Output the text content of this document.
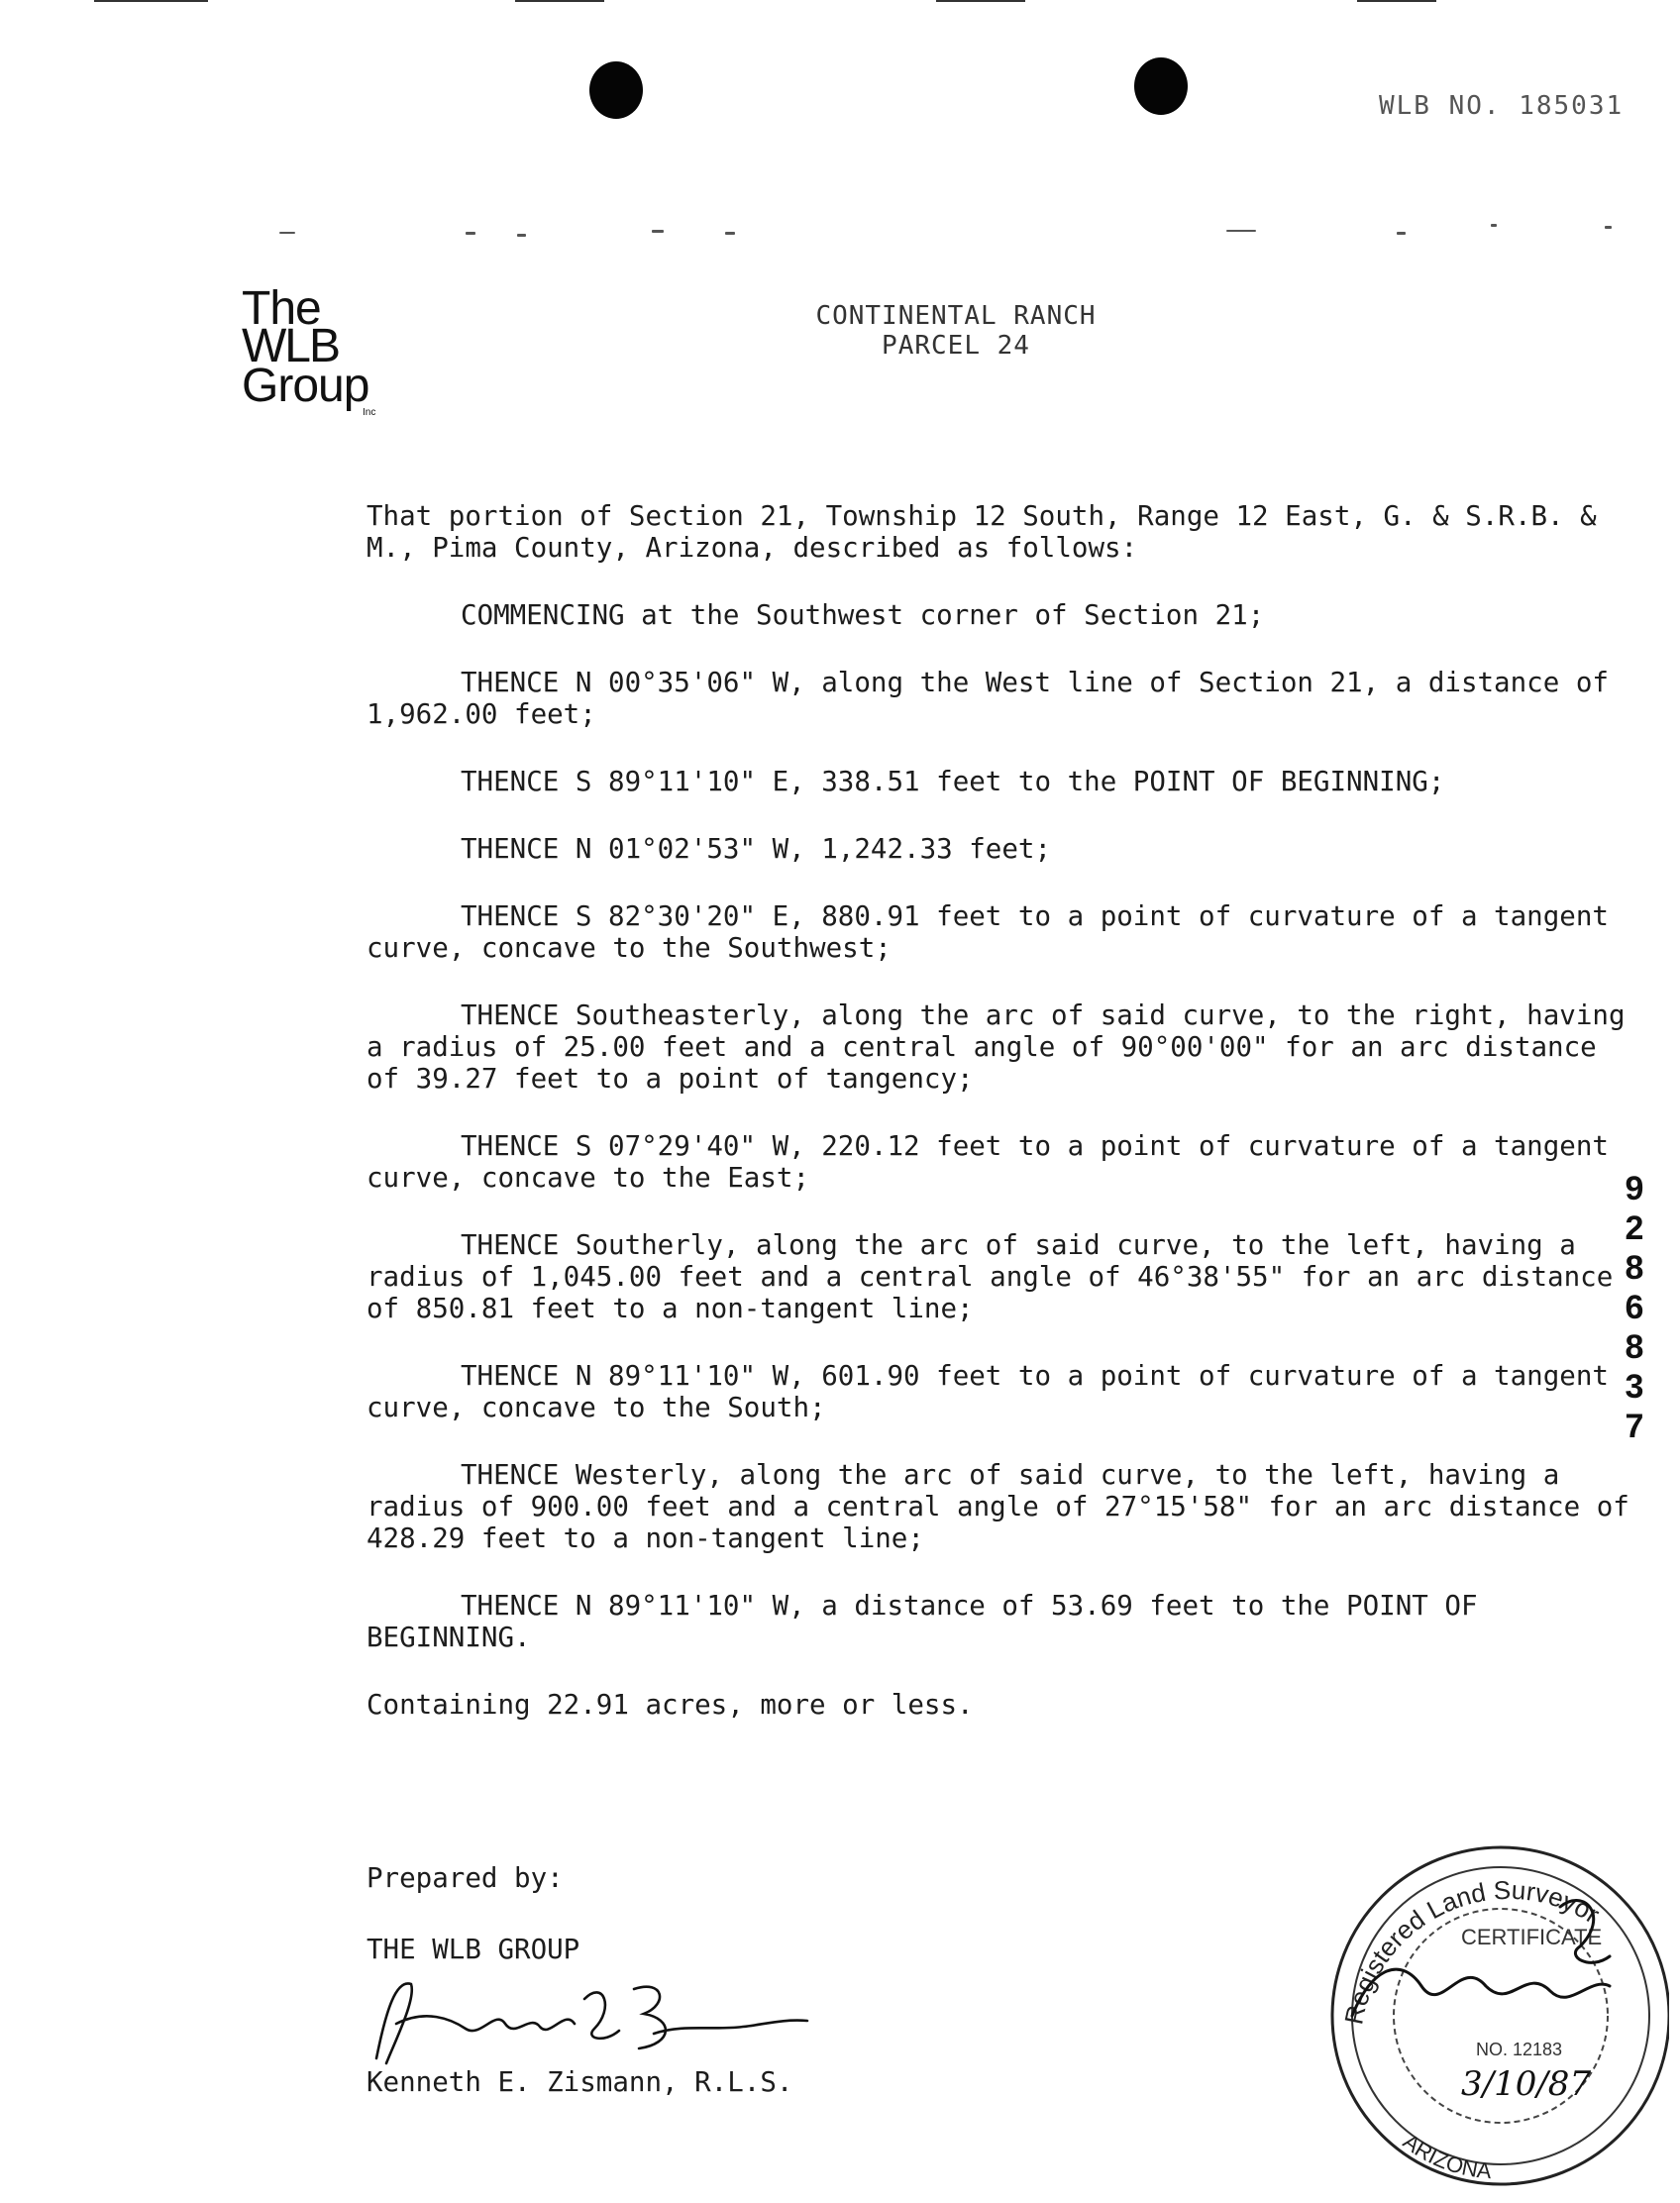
WLB NO. 185031
The
WLB
Group
Inc
CONTINENTAL RANCH
PARCEL 24

That portion of Section 21, Township 12 South, Range 12 East, G. & S.R.B. & M., Pima County, Arizona, described as follows:

COMMENCING at the Southwest corner of Section 21;

THENCE N 00°35'06" W, along the West line of Section 21, a distance of 1,962.00 feet;

THENCE S 89°11'10" E, 338.51 feet to the POINT OF BEGINNING;

THENCE N 01°02'53" W, 1,242.33 feet;

THENCE S 82°30'20" E, 880.91 feet to a point of curvature of a tangent curve, concave to the Southwest;

THENCE Southeasterly, along the arc of said curve, to the right, having a radius of 25.00 feet and a central angle of 90°00'00" for an arc distance of 39.27 feet to a point of tangency;

THENCE S 07°29'40" W, 220.12 feet to a point of curvature of a tangent curve, concave to the East;

THENCE Southerly, along the arc of said curve, to the left, having a radius of 1,045.00 feet and a central angle of 46°38'55" for an arc distance of 850.81 feet to a non-tangent line;

THENCE N 89°11'10" W, 601.90 feet to a point of curvature of a tangent curve, concave to the South;

THENCE Westerly, along the arc of said curve, to the left, having a radius of 900.00 feet and a central angle of 27°15'58" for an arc distance of 428.29 feet to a non-tangent line;

THENCE N 89°11'10" W, a distance of 53.69 feet to the POINT OF BEGINNING.

Containing 22.91 acres, more or less.

Prepared by:
THE WLB GROUP
Kenneth E. Zismann, R.L.S.
9
2
8
6
8
3
7
Registered Land Surveyor
ARIZONA
CERTIFICATE
NO. 12183
3/10/87
